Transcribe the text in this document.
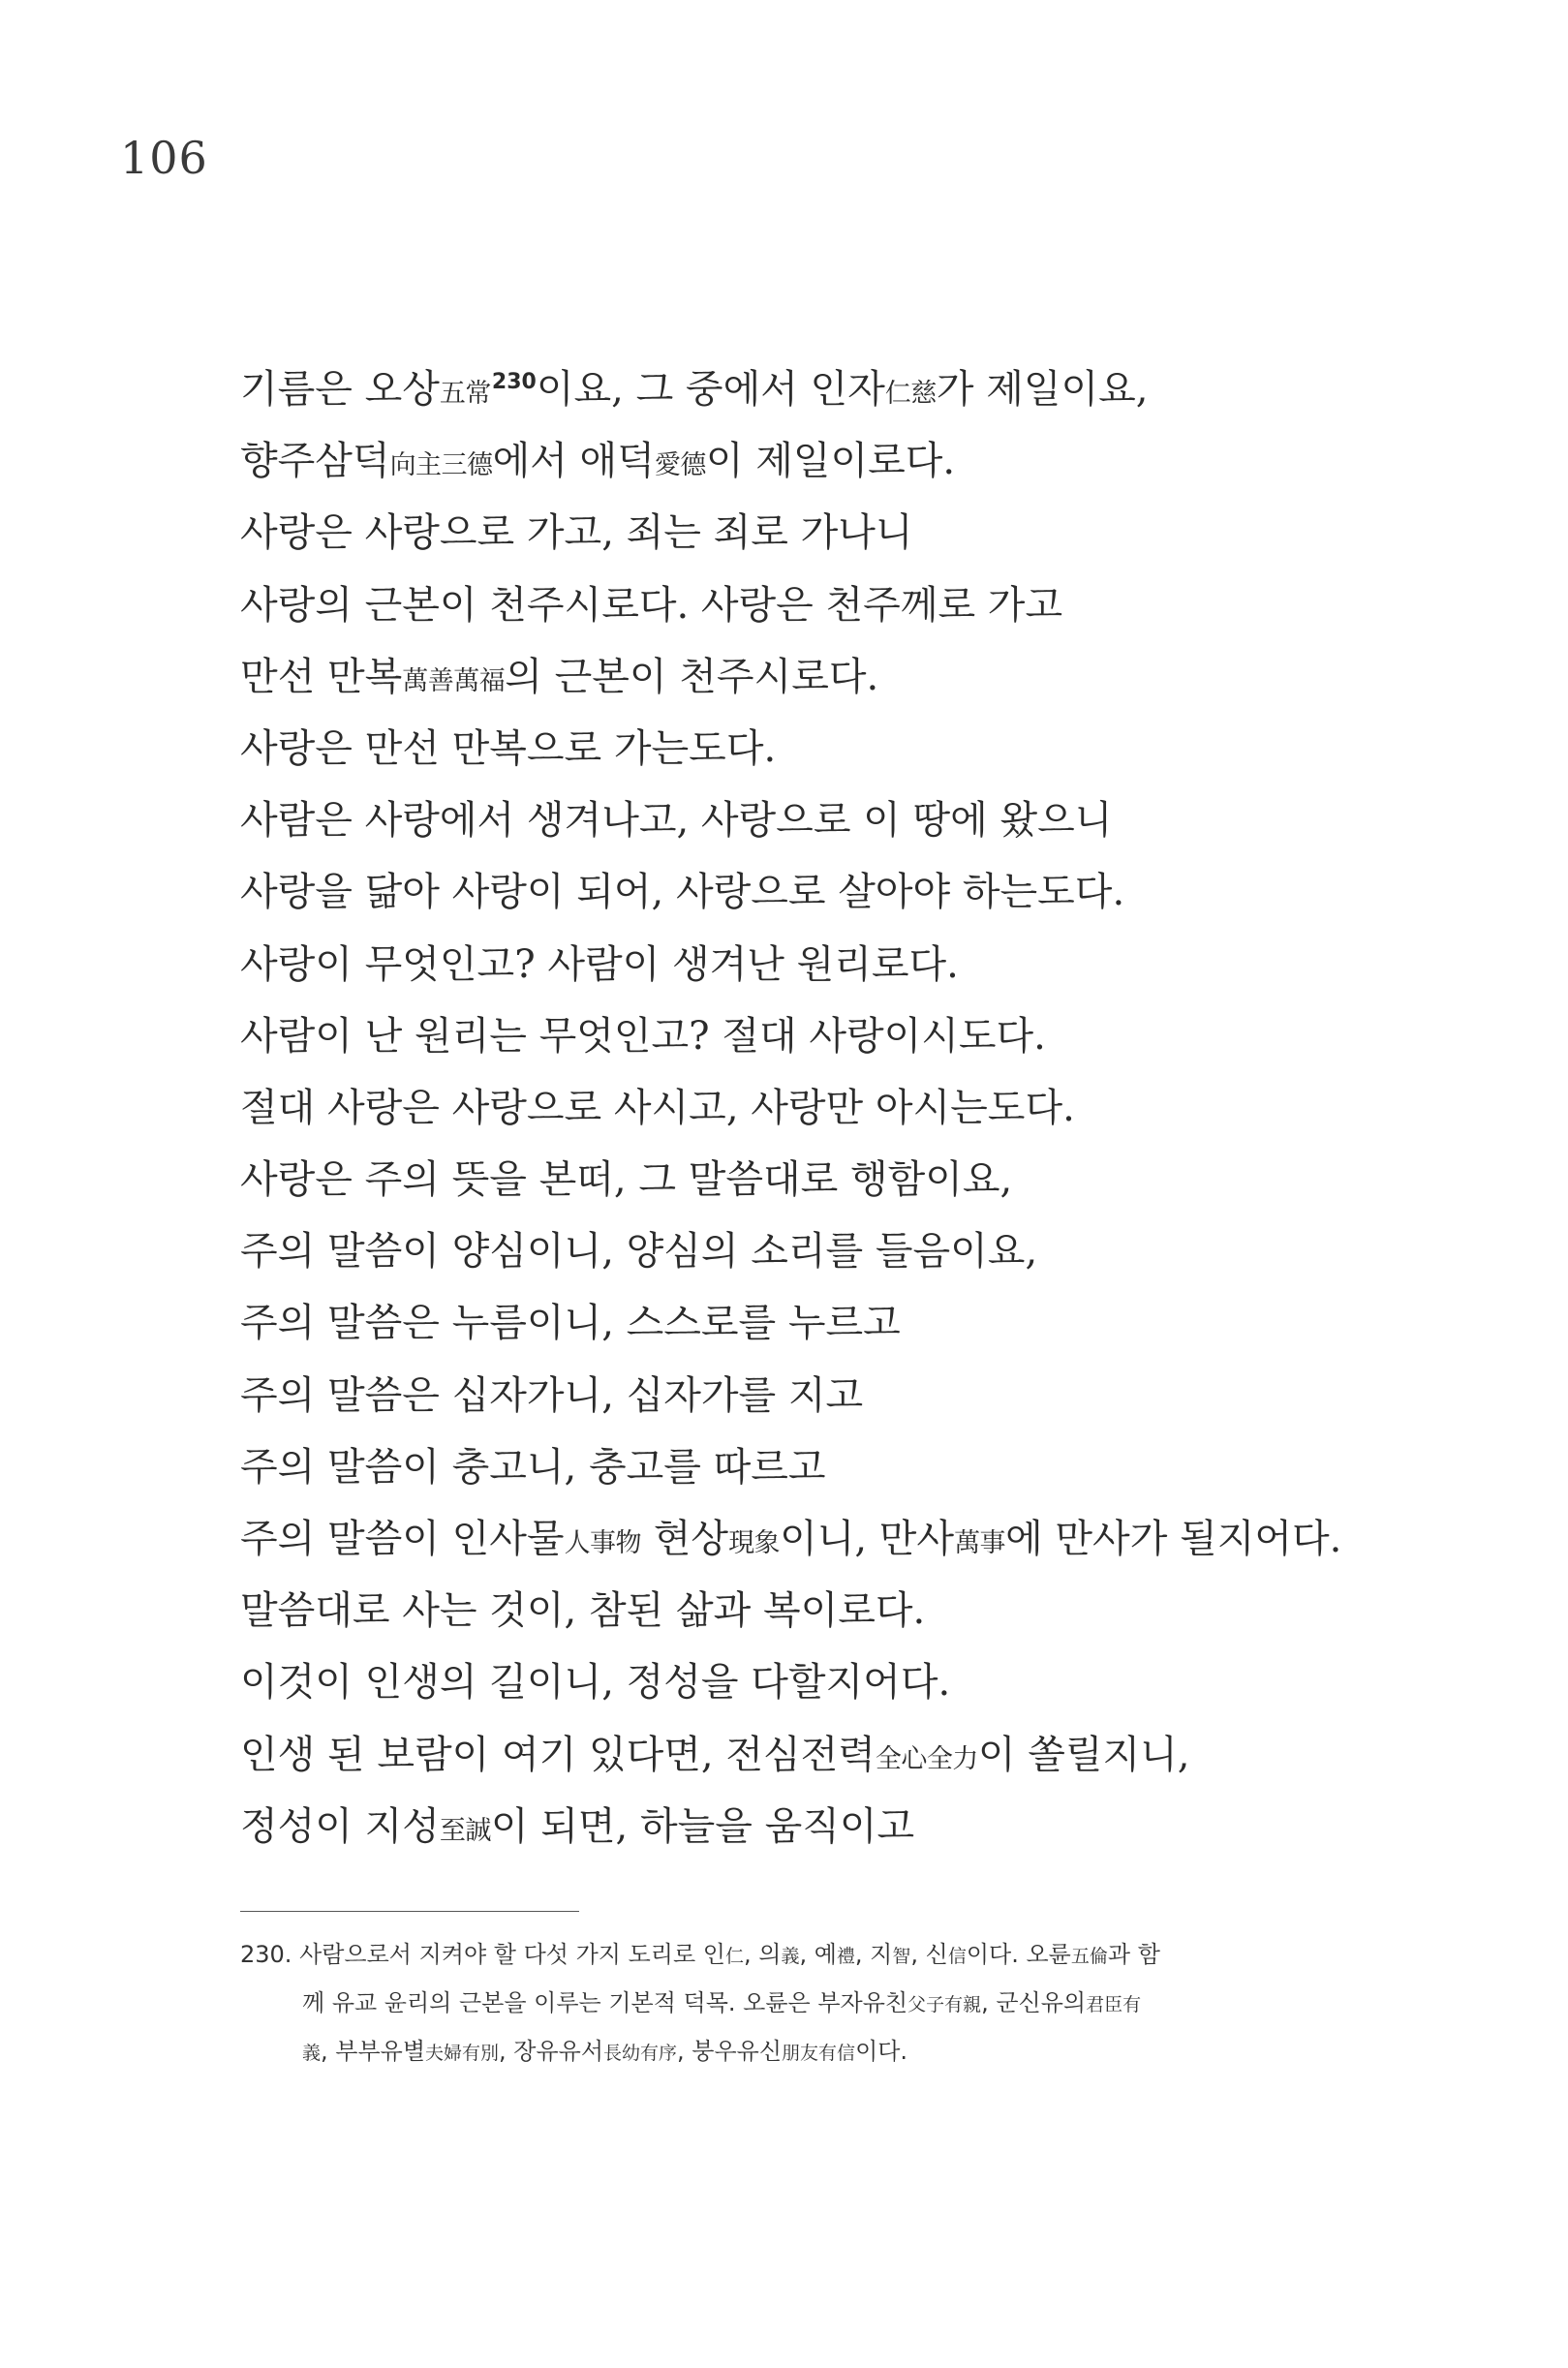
106
기름은 오상五常$^{230}$이요, 그 중에서 인자仁慈가 제일이요,
향주삼덕向主三德에서 애덕愛德이 제일이로다.
사랑은 사랑으로 가고, 죄는 죄로 가나니
사랑의 근본이 천주시로다. 사랑은 천주께로 가고
만선 만복萬善萬福의 근본이 천주시로다.
사랑은 만선 만복으로 가는도다.
사람은 사랑에서 생겨나고, 사랑으로 이 땅에 왔으니
사랑을 닮아 사랑이 되어, 사랑으로 살아야 하는도다.
사랑이 무엇인고? 사람이 생겨난 원리로다.
사람이 난 원리는 무엇인고? 절대 사랑이시도다.
절대 사랑은 사랑으로 사시고, 사랑만 아시는도다.
사랑은 주의 뜻을 본떠, 그 말씀대로 행함이요,
주의 말씀이 양심이니, 양심의 소리를 들음이요,
주의 말씀은 누름이니, 스스로를 누르고
주의 말씀은 십자가니, 십자가를 지고
주의 말씀이 충고니, 충고를 따르고
주의 말씀이 인사물人事物 현상現象이니, 만사萬事에 만사가 될지어다.
말씀대로 사는 것이, 참된 삶과 복이로다.
이것이 인생의 길이니, 정성을 다할지어다.
인생 된 보람이 여기 있다면, 전심전력全心全力이 쏠릴지니,
정성이 지성至誠이 되면, 하늘을 움직이고
230. 사람으로서 지켜야 할 다섯 가지 도리로 인仁, 의義, 예禮, 지智, 신信이다. 오륜五倫과 함
께 유교 윤리의 근본을 이루는 기본적 덕목. 오륜은 부자유친父子有親, 군신유의君臣有
義, 부부유별夫婦有別, 장유유서長幼有序, 붕우유신朋友有信이다.
